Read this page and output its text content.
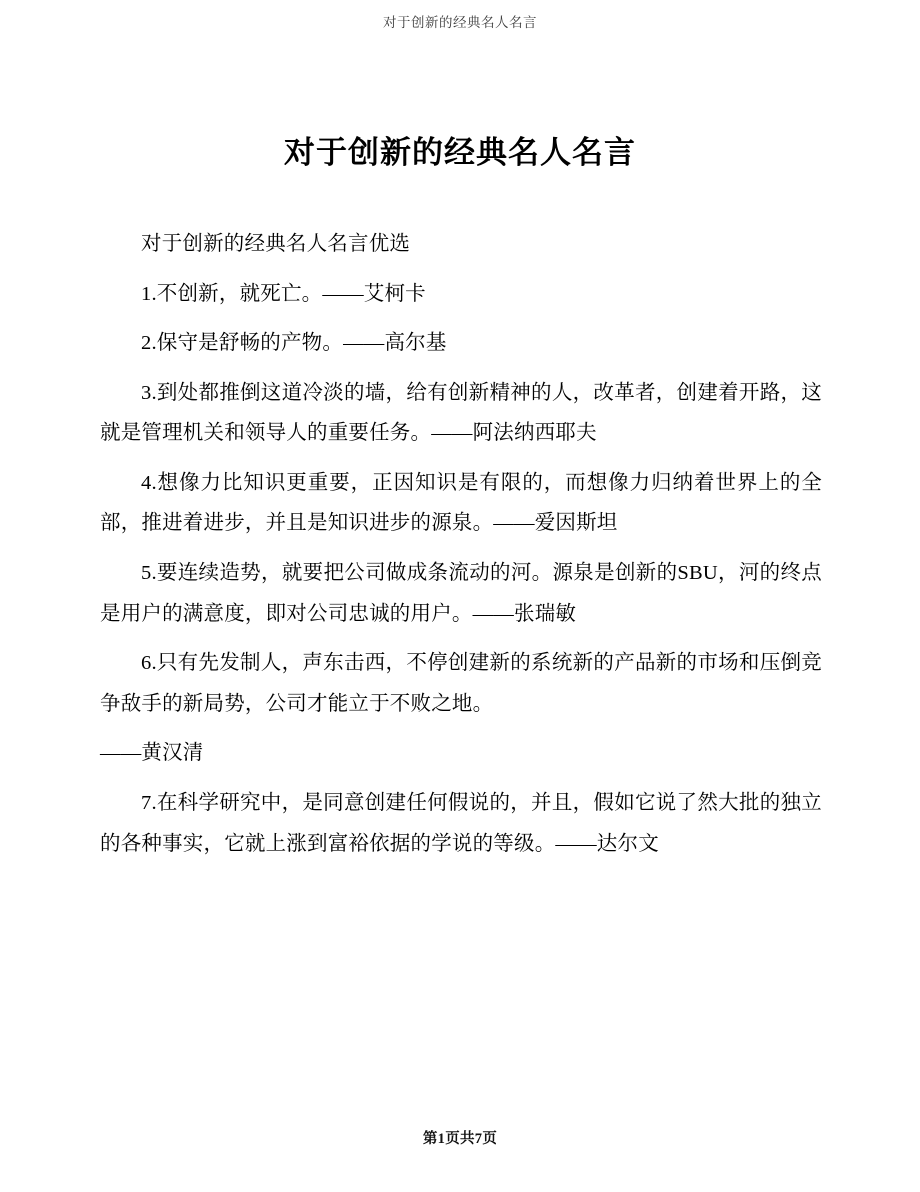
对于创新的经典名人名言
对于创新的经典名人名言

对于创新的经典名人名言优选

1.不创新，就死亡。——艾柯卡

2.保守是舒畅的产物。——高尔基

3.到处都推倒这道冷淡的墙，给有创新精神的人，改革者，创建着开路，这就是管理机关和领导人的重要任务。——阿法纳西耶夫

4.想像力比知识更重要，正因知识是有限的，而想像力归纳着世界上的全部，推进着进步，并且是知识进步的源泉。——爱因斯坦

5.要连续造势，就要把公司做成条流动的河。源泉是创新的SBU，河的终点是用户的满意度，即对公司忠诚的用户。——张瑞敏

6.只有先发制人，声东击西，不停创建新的系统新的产品新的市场和压倒竞争敌手的新局势，公司才能立于不败之地。

——黄汉清

7.在科学研究中，是同意创建任何假说的，并且，假如它说了然大批的独立的各种事实，它就上涨到富裕依据的学说的等级。——达尔文

第1页共7页
